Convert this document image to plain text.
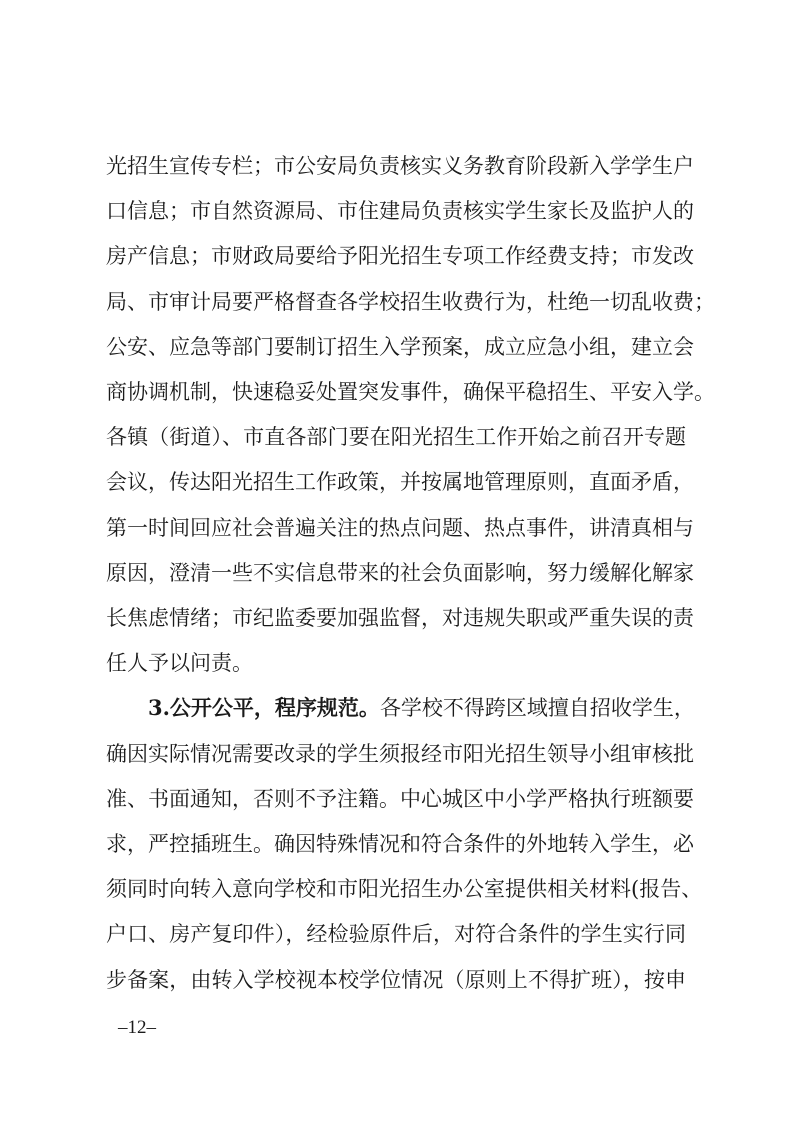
光招生宣传专栏；市公安局负责核实义务教育阶段新入学学生户
口信息；市自然资源局、市住建局负责核实学生家长及监护人的
房产信息；市财政局要给予阳光招生专项工作经费支持；市发改
局、市审计局要严格督查各学校招生收费行为，杜绝一切乱收费；
公安、应急等部门要制订招生入学预案，成立应急小组，建立会
商协调机制，快速稳妥处置突发事件，确保平稳招生、平安入学。
各镇（街道）、市直各部门要在阳光招生工作开始之前召开专题
会议，传达阳光招生工作政策，并按属地管理原则，直面矛盾，
第一时间回应社会普遍关注的热点问题、热点事件，讲清真相与
原因，澄清一些不实信息带来的社会负面影响，努力缓解化解家
长焦虑情绪；市纪监委要加强监督，对违规失职或严重失误的责
任人予以问责。
3.公开公平，程序规范。各学校不得跨区域擅自招收学生，
确因实际情况需要改录的学生须报经市阳光招生领导小组审核批
准、书面通知，否则不予注籍。中心城区中小学严格执行班额要
求，严控插班生。确因特殊情况和符合条件的外地转入学生，必
须同时向转入意向学校和市阳光招生办公室提供相关材料(报告、
户口、房产复印件），经检验原件后，对符合条件的学生实行同
步备案，由转入学校视本校学位情况（原则上不得扩班），按申
–12–
